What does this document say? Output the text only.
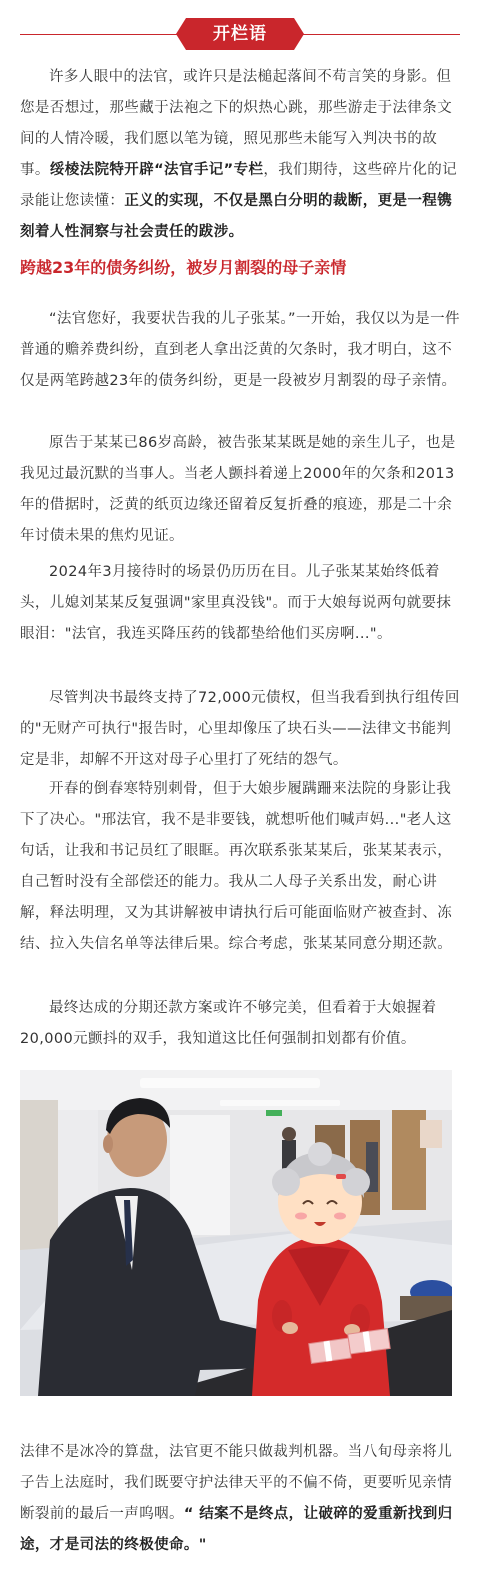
开栏语

许多人眼中的法官，或许只是法槌起落间不苟言笑的身影。但您是否想过，那些藏于法袍之下的炽热心跳，那些游走于法律条文间的人情冷暖，我们愿以笔为镜，照见那些未能写入判决书的故事。绥棱法院特开辟“法官手记”专栏，我们期待，这些碎片化的记录能让您读懂：正义的实现，不仅是黑白分明的裁断，更是一程镌刻着人性洞察与社会责任的跋涉。

跨越23年的债务纠纷，被岁月割裂的母子亲情

“法官您好，我要状告我的儿子张某。”一开始，我仅以为是一件普通的赡养费纠纷，直到老人拿出泛黄的欠条时，我才明白，这不仅是两笔跨越23年的债务纠纷，更是一段被岁月割裂的母子亲情。

原告于某某已86岁高龄，被告张某某既是她的亲生儿子，也是我见过最沉默的当事人。当老人颤抖着递上2000年的欠条和2013年的借据时，泛黄的纸页边缘还留着反复折叠的痕迹，那是二十余年讨债未果的焦灼见证。

2024年3月接待时的场景仍历历在目。儿子张某某始终低着头，儿媳刘某某反复强调"家里真没钱"。而于大娘每说两句就要抹眼泪："法官，我连买降压药的钱都垫给他们买房啊..."。

尽管判决书最终支持了72,000元债权，但当我看到执行组传回的"无财产可执行"报告时，心里却像压了块石头——法律文书能判定是非，却解不开这对母子心里打了死结的怨气。

开春的倒春寒特别刺骨，但于大娘步履蹒跚来法院的身影让我下了决心。"邢法官，我不是非要钱，就想听他们喊声妈..."老人这句话，让我和书记员红了眼眶。再次联系张某某后，张某某表示，自己暂时没有全部偿还的能力。我从二人母子关系出发，耐心讲解，释法明理，又为其讲解被申请执行后可能面临财产被查封、冻结、拉入失信名单等法律后果。综合考虑，张某某同意分期还款。

最终达成的分期还款方案或许不够完美，但看着于大娘握着20,000元颤抖的双手，我知道这比任何强制扣划都有价值。

法律不是冰冷的算盘，法官更不能只做裁判机器。当八旬母亲将儿子告上法庭时，我们既要守护法律天平的不偏不倚，更要听见亲情断裂前的最后一声呜咽。“ 结案不是终点，让破碎的爱重新找到归途，才是司法的终极使命。"
